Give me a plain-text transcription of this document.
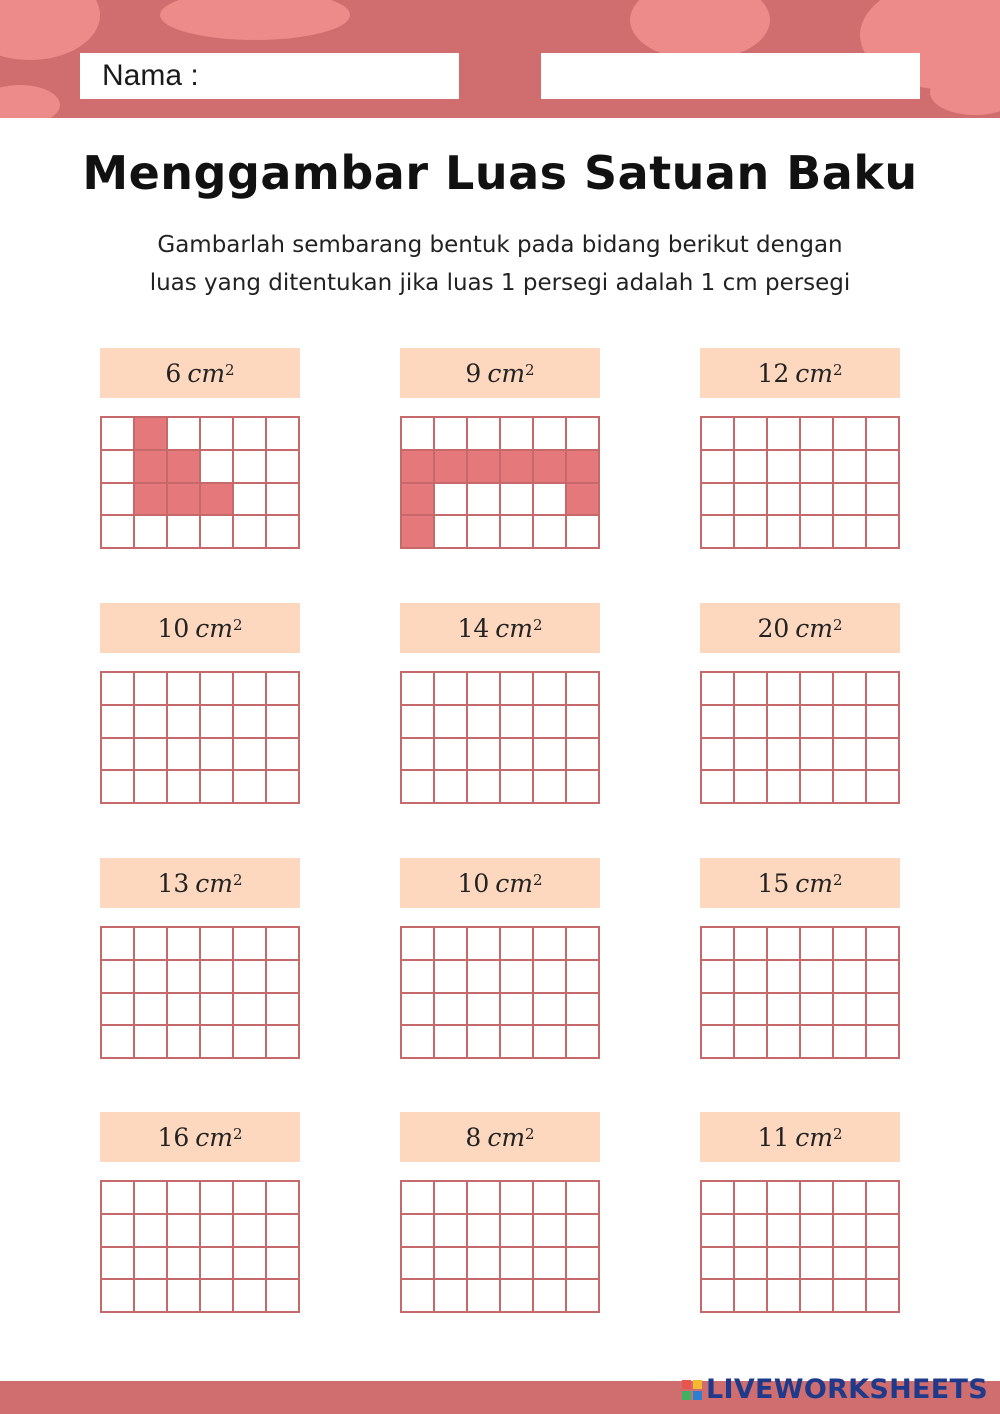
Nama :
Menggambar Luas Satuan Baku
Gambarlah sembarang bentuk pada bidang berikut dengan
luas yang ditentukan jika luas 1 persegi adalah 1 cm persegi
6 $cm^2$	9 $cm^2$	12 $cm^2$
10 $cm^2$	14 $cm^2$	20 $cm^2$
13 $cm^2$	10 $cm^2$	15 $cm^2$
16 $cm^2$	8 $cm^2$	11 $cm^2$
LIVEWORKSHEETS
